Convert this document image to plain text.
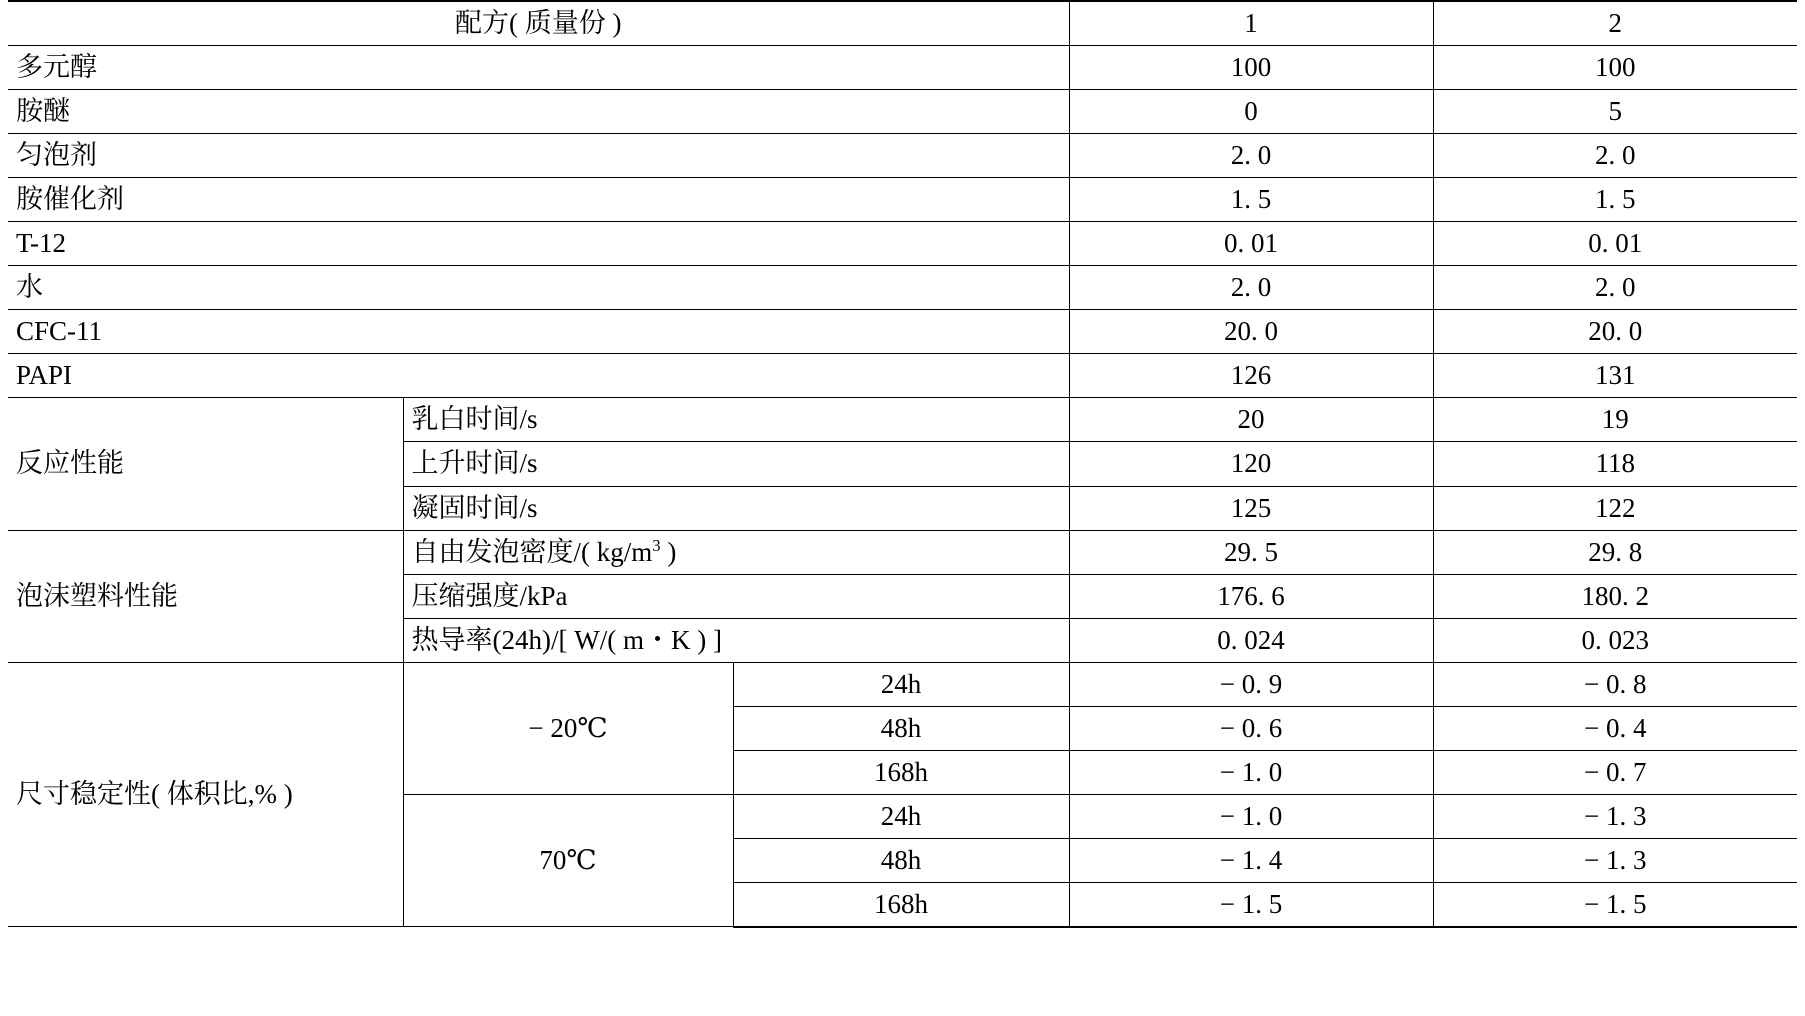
配方( 质量份 )			1	2
多元醇			100	100
胺醚			0	5
匀泡剂			2. 0	2. 0
胺催化剂			1. 5	1. 5
T-12			0. 01	0. 01
水			2. 0	2. 0
CFC-11			20. 0	20. 0
PAPI			126	131
反应性能	乳白时间/s		20	19
	上升时间/s		120	118
	凝固时间/s		125	122
泡沫塑料性能	自由发泡密度/( $kg/m^3$ )		29. 5	29. 8
	压缩强度/kPa		176. 6	180. 2
	热导率(24h)/[ W/( m・K ) ]		0. 024	0. 023
尺寸稳定性( 体积比,% )	− 20℃	24h	− 0. 9	− 0. 8
		48h	− 0. 6	− 0. 4
		168h	− 1. 0	− 0. 7
	70℃	24h	− 1. 0	− 1. 3
		48h	− 1. 4	− 1. 3
		168h	− 1. 5	− 1. 5
